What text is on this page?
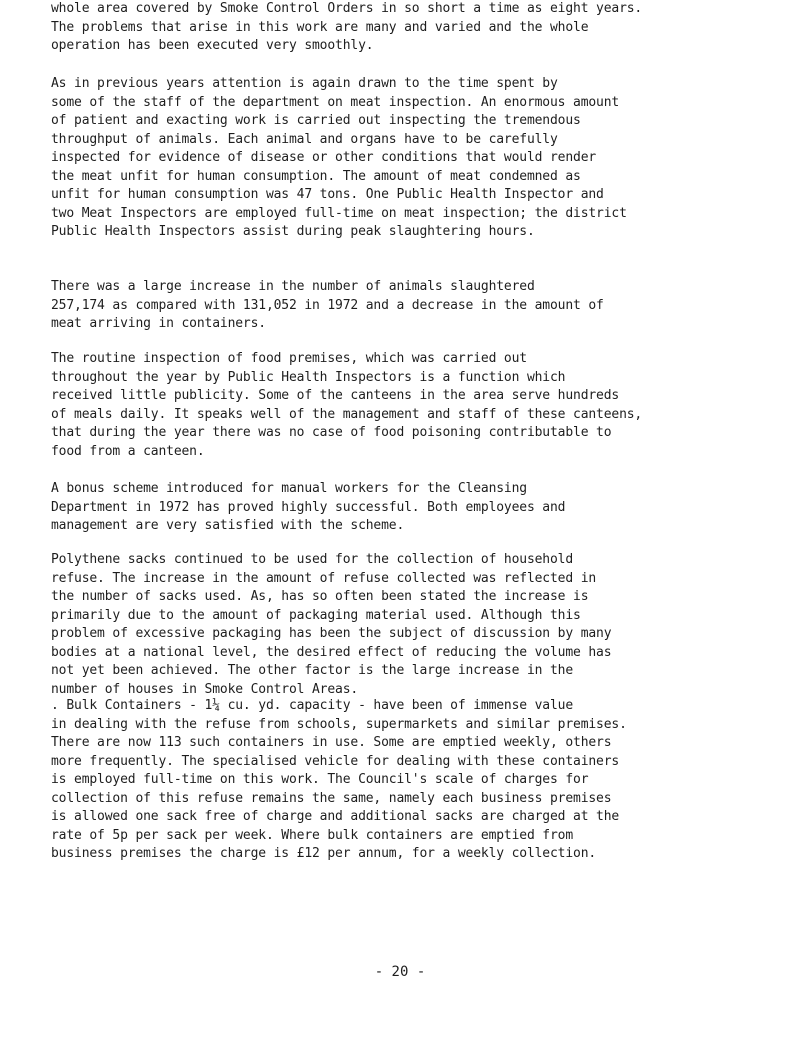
whole area covered by Smoke Control Orders in so short a time as eight years.
The problems that arise in this work are many and varied and the whole
operation has been executed very smoothly.

As in previous years attention is again drawn to the time spent by
some of the staff of the department on meat inspection. An enormous amount
of patient and exacting work is carried out inspecting the tremendous
throughput of animals. Each animal and organs have to be carefully
inspected for evidence of disease or other conditions that would render
the meat unfit for human consumption. The amount of meat condemned as
unfit for human consumption was 47 tons. One Public Health Inspector and
two Meat Inspectors are employed full-time on meat inspection; the district
Public Health Inspectors assist during peak slaughtering hours.

There was a large increase in the number of animals slaughtered
257,174 as compared with 131,052 in 1972 and a decrease in the amount of
meat arriving in containers.

The routine inspection of food premises, which was carried out
throughout the year by Public Health Inspectors is a function which
received little publicity. Some of the canteens in the area serve hundreds
of meals daily. It speaks well of the management and staff of these canteens,
that during the year there was no case of food poisoning contributable to
food from a canteen.

A bonus scheme introduced for manual workers for the Cleansing
Department in 1972 has proved highly successful. Both employees and
management are very satisfied with the scheme.

Polythene sacks continued to be used for the collection of household
refuse. The increase in the amount of refuse collected was reflected in
the number of sacks used. As, has so often been stated the increase is
primarily due to the amount of packaging material used. Although this
problem of excessive packaging has been the subject of discussion by many
bodies at a national level, the desired effect of reducing the volume has
not yet been achieved. The other factor is the large increase in the
number of houses in Smoke Control Areas.

. Bulk Containers - 1¼ cu. yd. capacity - have been of immense value
in dealing with the refuse from schools, supermarkets and similar premises.
There are now 113 such containers in use. Some are emptied weekly, others
more frequently. The specialised vehicle for dealing with these containers
is employed full-time on this work. The Council's scale of charges for
collection of this refuse remains the same, namely each business premises
is allowed one sack free of charge and additional sacks are charged at the
rate of 5p per sack per week. Where bulk containers are emptied from
business premises the charge is £12 per annum, for a weekly collection.

- 20 -
